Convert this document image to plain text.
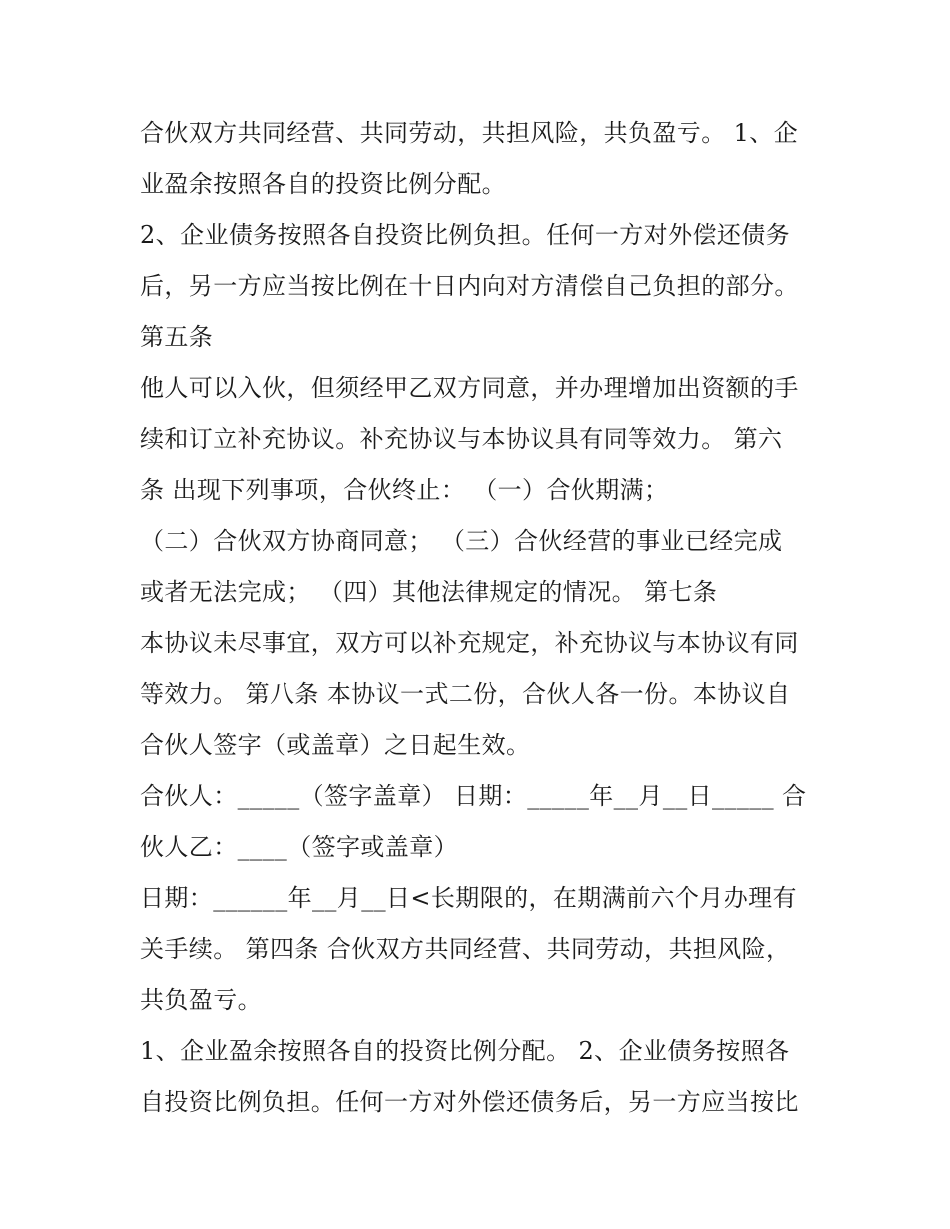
合伙双方共同经营、共同劳动，共担风险，共负盈亏。 1、企
业盈余按照各自的投资比例分配。
2、企业债务按照各自投资比例负担。任何一方对外偿还债务
后，另一方应当按比例在十日内向对方清偿自己负担的部分。
第五条
他人可以入伙，但须经甲乙双方同意，并办理增加出资额的手
续和订立补充协议。补充协议与本协议具有同等效力。 第六
条 出现下列事项，合伙终止： （一）合伙期满；
（二）合伙双方协商同意； （三）合伙经营的事业已经完成
或者无法完成； （四）其他法律规定的情况。 第七条
本协议未尽事宜，双方可以补充规定，补充协议与本协议有同
等效力。 第八条 本协议一式二份，合伙人各一份。本协议自
合伙人签字（或盖章）之日起生效。
合伙人：_____（签字盖章） 日期：_____年__月__日_____ 合
伙人乙：____（签字或盖章）
日期：______年__月__日<长期限的，在期满前六个月办理有
关手续。 第四条 合伙双方共同经营、共同劳动，共担风险，
共负盈亏。
1、企业盈余按照各自的投资比例分配。 2、企业债务按照各
自投资比例负担。任何一方对外偿还债务后，另一方应当按比
